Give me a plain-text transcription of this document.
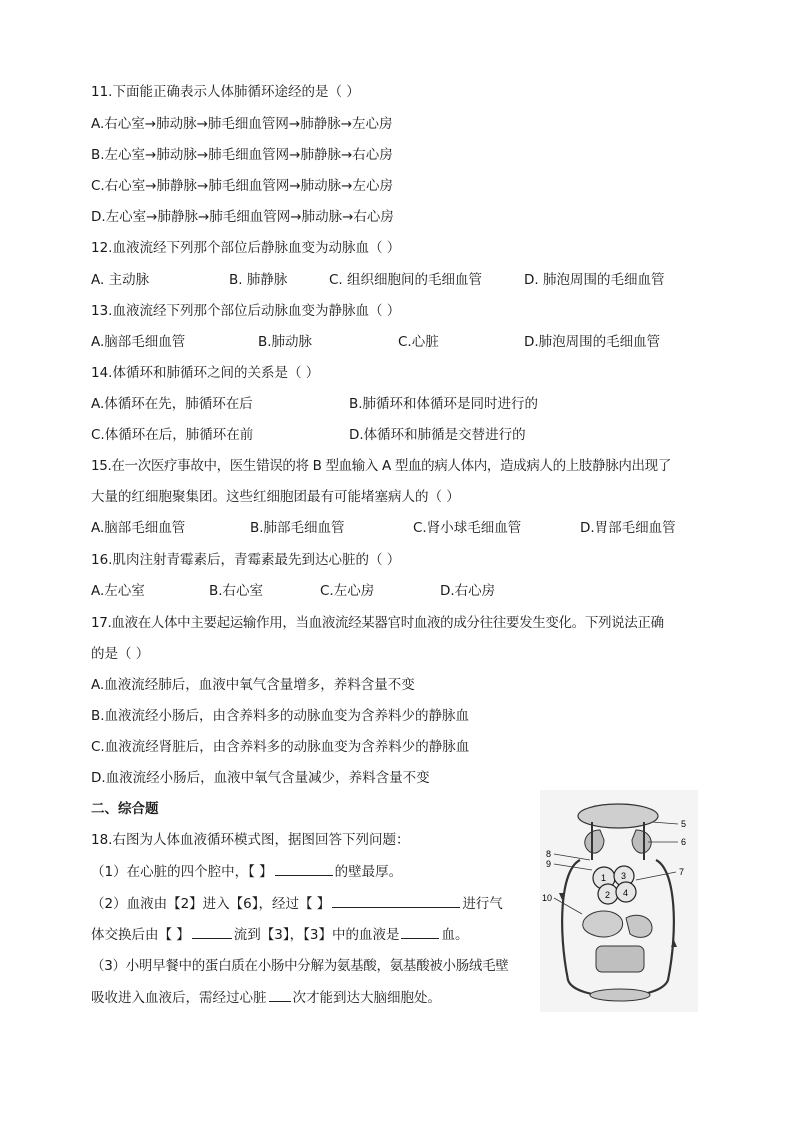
11.下面能正确表示人体肺循环途经的是（ ）
A.右心室→肺动脉→肺毛细血管网→肺静脉→左心房
B.左心室→肺动脉→肺毛细血管网→肺静脉→右心房
C.右心室→肺静脉→肺毛细血管网→肺动脉→左心房
D.左心室→肺静脉→肺毛细血管网→肺动脉→右心房
12.血液流经下列那个部位后静脉血变为动脉血（ ）
A. 主动脉	B. 肺静脉	C. 组织细胞间的毛细血管	D. 肺泡周围的毛细血管
13.血液流经下列那个部位后动脉血变为静脉血（ ）
A.脑部毛细血管	B.肺动脉	C.心脏	D.肺泡周围的毛细血管
14.体循环和肺循环之间的关系是（ ）
A.体循环在先，肺循环在后	B.肺循环和体循环是同时进行的
C.体循环在后，肺循环在前	D.体循环和肺循是交替进行的
15.在一次医疗事故中，医生错误的将 B 型血输入 A 型血的病人体内，造成病人的上肢静脉内出现了
大量的红细胞聚集团。这些红细胞团最有可能堵塞病人的（ ）
A.脑部毛细血管	B.肺部毛细血管	C.肾小球毛细血管	D.胃部毛细血管
16.肌肉注射青霉素后，青霉素最先到达心脏的（ ）
A.左心室	B.右心室	C.左心房	D.右心房
17.血液在人体中主要起运输作用，当血液流经某器官时血液的成分往往要发生变化。下列说法正确
的是（ ）
A.血液流经肺后，血液中氧气含量增多，养料含量不变
B.血液流经小肠后，由含养料多的动脉血变为含养料少的静脉血
C.血液流经肾脏后，由含养料多的动脉血变为含养料少的静脉血
D.血液流经小肠后，血液中氧气含量减少，养料含量不变
二、综合题
18.右图为人体血液循环模式图，据图回答下列问题：
（1）在心脏的四个腔中，【 】	的壁最厚。
（2）血液由【2】进入【6】，经过【 】	进行气
体交换后由【 】	流到【3】，【3】中的血液是	血。
（3）小明早餐中的蛋白质在小肠中分解为氨基酸，氨基酸被小肠绒毛壁
吸收进入血液后，需经过心脏 次才能到达大脑细胞处。
5
6
8
9
1
2
3
4
7
10
